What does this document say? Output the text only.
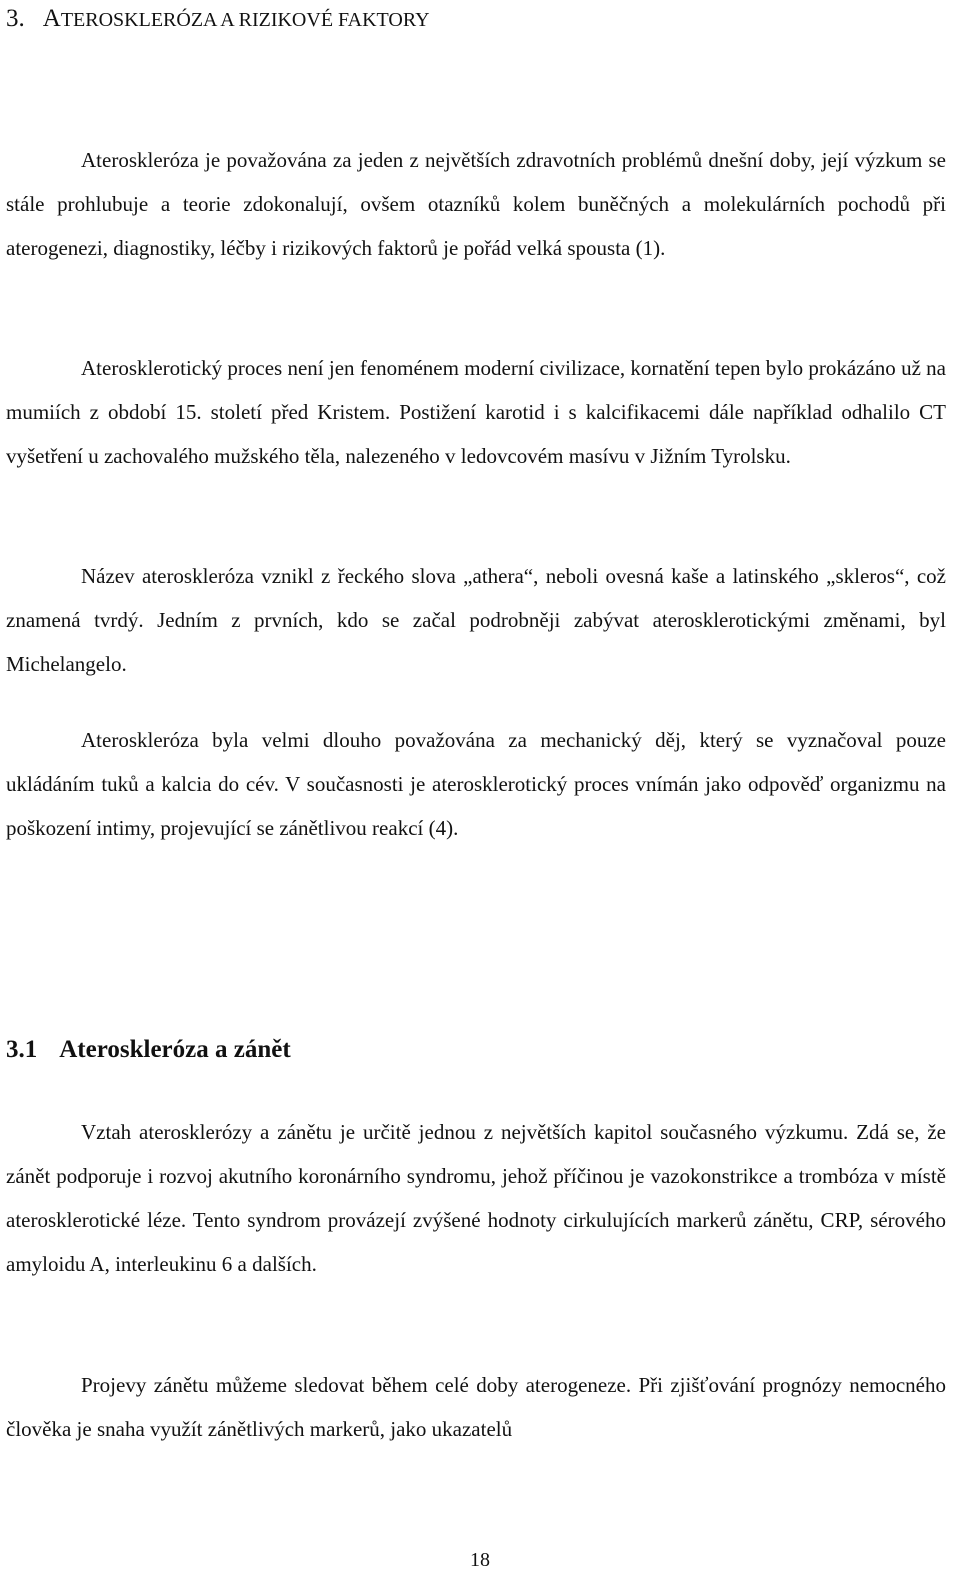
3. ATEROSKLERÓZA A RIZIKOVÉ FAKTORY

Ateroskleróza je považována za jeden z největších zdravotních problémů dnešní doby, její výzkum se stále prohlubuje a teorie zdokonalují, ovšem otazníků kolem buněčných a molekulárních pochodů při aterogenezi, diagnostiky, léčby i rizikových faktorů je pořád velká spousta (1).

Aterosklerotický proces není jen fenoménem moderní civilizace, kornatění tepen bylo prokázáno už na mumiích z období 15. století před Kristem. Postižení karotid i s kalcifikacemi dále například odhalilo CT vyšetření u zachovalého mužského těla, nalezeného v ledovcovém masívu v Jižním Tyrolsku.

Název ateroskleróza vznikl z řeckého slova „athera“, neboli ovesná kaše a latinského „skleros“, což znamená tvrdý. Jedním z prvních, kdo se začal podrobněji zabývat aterosklerotickými změnami, byl Michelangelo.

Ateroskleróza byla velmi dlouho považována za mechanický děj, který se vyznačoval pouze ukládáním tuků a kalcia do cév. V současnosti je aterosklerotický proces vnímán jako odpověď organizmu na poškození intimy, projevující se zánětlivou reakcí (4).

3.1 Ateroskleróza a zánět

Vztah aterosklerózy a zánětu je určitě jednou z největších kapitol současného výzkumu. Zdá se, že zánět podporuje i rozvoj akutního koronárního syndromu, jehož příčinou je vazokonstrikce a trombóza v místě aterosklerotické léze. Tento syndrom provázejí zvýšené hodnoty cirkulujících markerů zánětu, CRP, sérového amyloidu A, interleukinu 6 a dalších.

Projevy zánětu můžeme sledovat během celé doby aterogeneze. Při zjišťování prognózy nemocného člověka je snaha využít zánětlivých markerů, jako ukazatelů

18
